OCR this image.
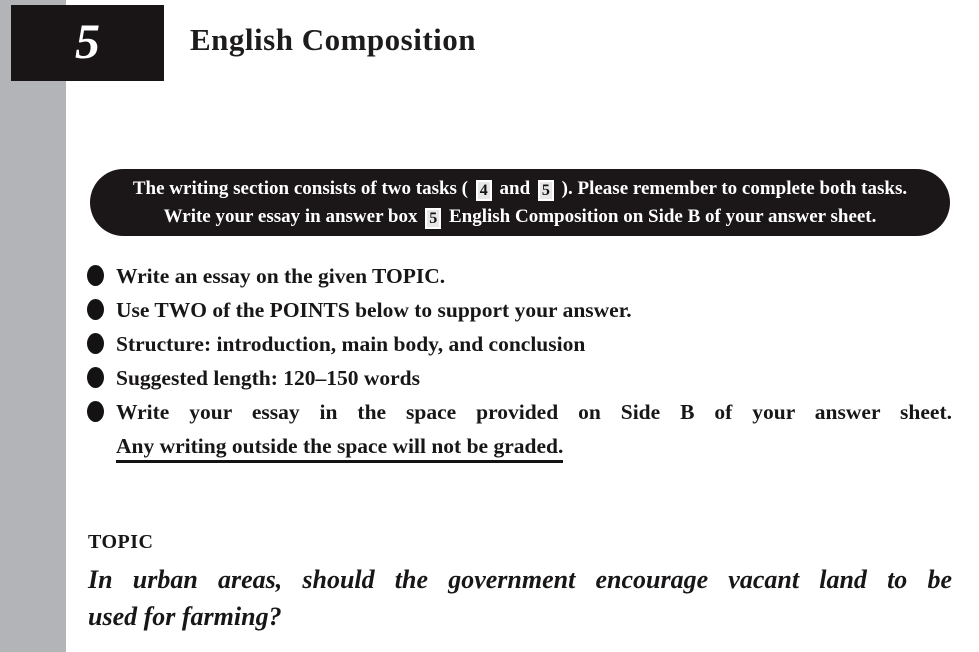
5	English Composition
The writing section consists of two tasks ( 4 and 5 ). Please remember to complete both tasks.
Write your essay in answer box 5 English Composition on Side B of your answer sheet.
Write an essay on the given TOPIC.
Use TWO of the POINTS below to support your answer.
Structure: introduction, main body, and conclusion
Suggested length: 120–150 words
Write your essay in the space provided on Side B of your answer sheet.
Any writing outside the space will not be graded.
TOPIC
In urban areas, should the government encourage vacant land to be
used for farming?
